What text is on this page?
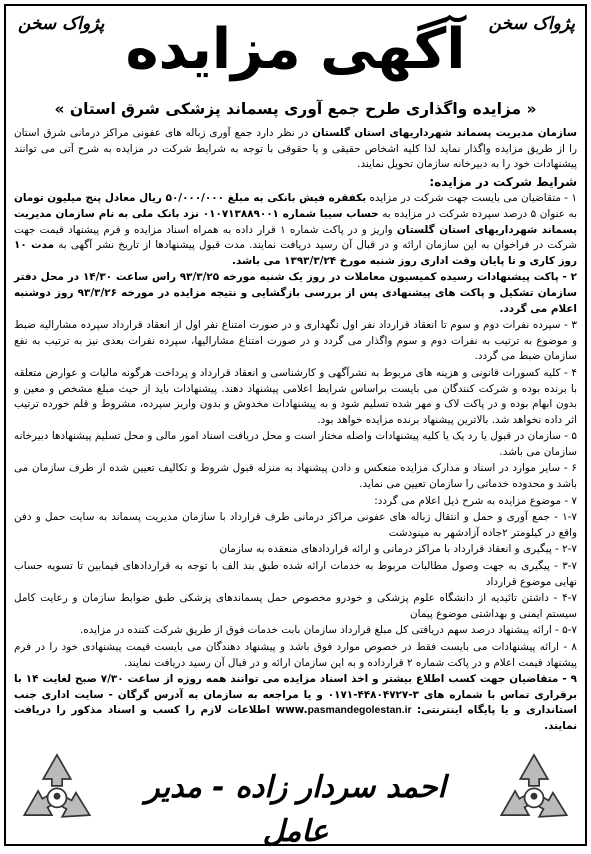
پژواک سخن
پژواک سخن آگهی مزایده
« مزایده واگذاری طرح جمع آوری پسماند پزشکی شرق استان »

سازمان مدیریت پسماند شهرداریهای استان گلستان در نظر دارد جمع آوری زباله های عفونی مراکز درمانی شرق استان را از طریق مزایده واگذار نماید لذا کلیه اشخاص حقیقی و یا حقوقی با توجه به شرایط شرکت در مزایده به شرح آتی می توانند پیشنهادات خود را به دبیرخانه سازمان تحویل نمایند.

شرایط شرکت در مزایده:

۱ - متقاضیان می بایست جهت شرکت در مزایده بکفقره فیش بانکی به مبلغ ۵۰/۰۰۰/۰۰۰ ریال معادل پنج میلیون تومان به عنوان ۵ درصد سپرده شرکت در مزایده به حساب سیبا شماره ۰۱۰۷۱۳۸۸۹۰۰۱ نزد بانک ملی به نام سازمان مدیریت پسماند شهرداریهای استان گلستان واریز و در پاکت شماره ۱ قرار داده به همراه اسناد مزایده و فرم پیشنهاد قیمت جهت شرکت در فراخوان به این سازمان ارائه و در قبال آن رسید دریافت نمایند. مدت قبول پیشنهادها از تاریخ نشر آگهی به مدت ۱۰ روز کاری و تا پایان وقت اداری روز شنبه مورخ ۱۳۹۳/۳/۲۴ می باشد.

۲ - پاکت پیشنهادات رسیده کمیسیون معاملات در روز یک شنبه مورخه ۹۳/۳/۲۵ راس ساعت ۱۴/۳۰ در محل دفتر سازمان تشکیل و پاکت های پیشنهادی پس از بررسی بازگشایی و نتیجه مزایده در مورخه ۹۳/۳/۲۶ روز دوشنبه اعلام می گردد.

۳ - سپرده نفرات دوم و سوم تا انعقاد قرارداد نفر اول نگهداری و در صورت امتناع نفر اول از انعقاد قرارداد سپرده مشارالیه ضبط و موضوع به ترتیب به نفرات دوم و سوم واگذار می گردد و در صورت امتناع مشارالیها، سپرده نفرات بعدی نیز به ترتیب به نفع سازمان ضبط می گردد.

۴ - کلیه کسورات قانونی و هزینه های مربوط به نشرآگهی و کارشناسی و انعقاد قرارداد و پرداخت هرگونه مالیات و عوارض متعلقه با برنده بوده و شرکت کنندگان می بایست براساس شرایط اعلامی پیشنهاد دهند. پیشنهادات باید از حیث مبلغ مشخص و معین و بدون ابهام بوده و در پاکت لاک و مهر شده تسلیم شود و به پیشنهادات مخدوش و بدون واریز سپرده، مشروط و قلم خورده ترتیب اثر داده نخواهد شد. بالاترین پیشنهاد برنده مزایده خواهد بود.

۵ - سازمان در قبول یا رد یک یا کلیه پیشنهادات واصله مختار است و محل دریافت اسناد امور مالی و محل تسلیم پیشنهادها دبیرخانه سازمان می باشد.

۶ - سایر موارد در اسناد و مدارک مزایده منعکس و دادن پیشنهاد به منزله قبول شروط و تکالیف تعیین شده از طرف سازمان می باشد و محدوده خدماتی را سازمان تعیین می نماید.

۷ - موضوع مزایده به شرح ذیل اعلام می گردد:

۱-۷ - جمع آوری و حمل و انتقال زباله های عفونی مراکز درمانی طرف قرارداد با سازمان مدیریت پسماند به سایت حمل و دفن واقع در کیلومتر ۲جاده آزادشهر به مینودشت

۲-۷ - پیگیری و انعقاد قرارداد با مراکز درمانی و ارائه قراردادهای منعقده به سازمان

۳-۷ - پیگیری به جهت وصول مطالبات مربوط به خدمات ارائه شده طبق بند الف با توجه به قراردادهای فیمابین تا تسویه حساب نهایی موضوع قرارداد

۴-۷ - داشتن تائیدیه از دانشگاه علوم پزشکی و خودرو مخصوص حمل پسماندهای پزشکی طبق ضوابط سازمان و رعایت کامل سیستم ایمنی و بهداشتی موضوع پیمان

۵-۷ - ارائه پیشنهاد درصد سهم دریافتی کل مبلغ قرارداد سازمان بابت خدمات فوق از طریق شرکت کننده در مزایده.

۸ - ارائه پیشنهادات می بایست فقط در خصوص موارد فوق باشد و پیشنهاد دهندگان می بایست قیمت پیشنهادی خود را در فرم پیشنهاد قیمت اعلام و در پاکت شماره ۲ قرارداده و به این سازمان ارائه و در قبال آن رسید دریافت نمایند.

۹ - متقاضیان جهت کسب اطلاع بیشتر و اخذ اسناد مزایده می توانند همه روزه از ساعت ۷/۳۰ صبح لغایت ۱۴ با برقراری تماس با شماره های ۳-۴۴۸۰۴۷۲۷-۰۱۷۱ و یا مراجعه به سازمان به آدرس گرگان - سایت اداری جنب استانداری و یا پایگاه اینترنتی: www.pasmandegolestan.ir اطلاعات لازم را کسب و اسناد مذکور را دریافت نمایند.

احمد سردار زاده - مدیر عامل
